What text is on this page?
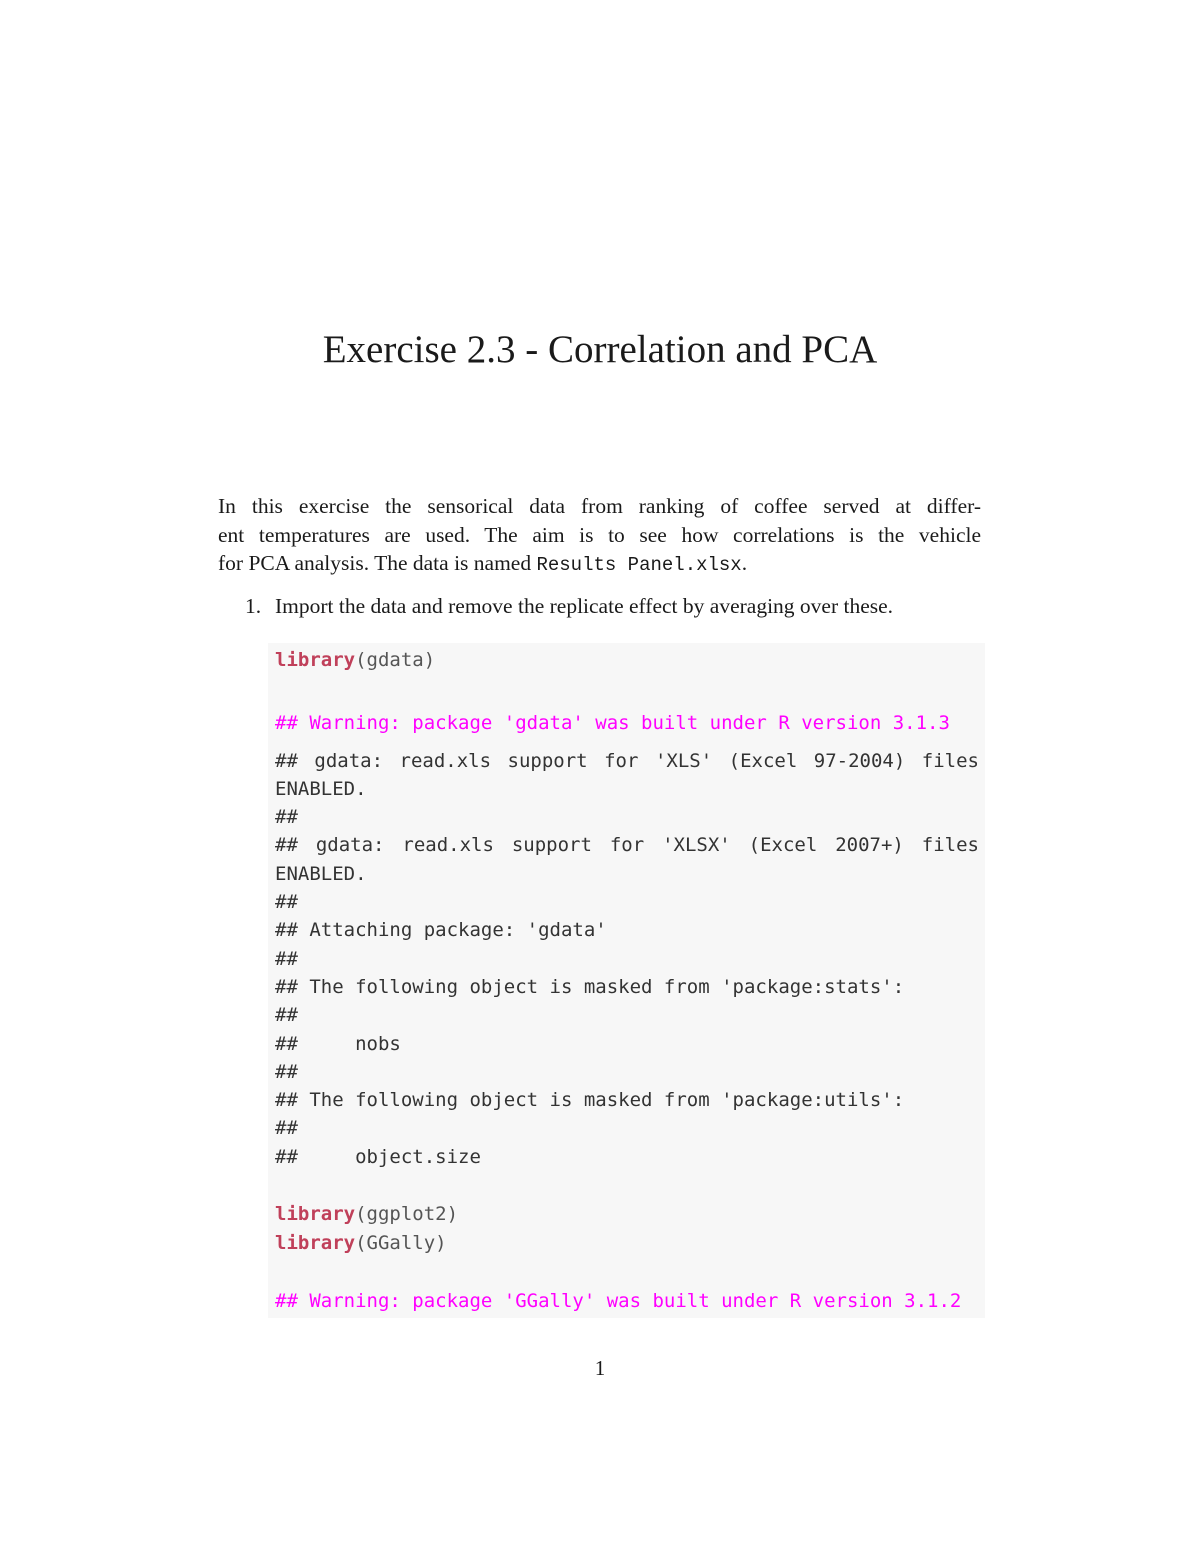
Exercise 2.3 - Correlation and PCA

In this exercise the sensorical data from ranking of coffee served at differ-
ent temperatures are used. The aim is to see how correlations is the vehicle
for PCA analysis. The data is named Results Panel.xlsx.

1. Import the data and remove the replicate effect by averaging over these.

library(gdata)
## Warning: package 'gdata' was built under R version 3.1.3
## gdata: read.xls support for 'XLS' (Excel 97-2004) files
ENABLED.
##
## gdata: read.xls support for 'XLSX' (Excel 2007+) files
ENABLED.
##
## Attaching package: 'gdata'
##
## The following object is masked from 'package:stats':
##
##     nobs
##
## The following object is masked from 'package:utils':
##
##     object.size
library(ggplot2)
library(GGally)
## Warning: package 'GGally' was built under R version 3.1.2
1
